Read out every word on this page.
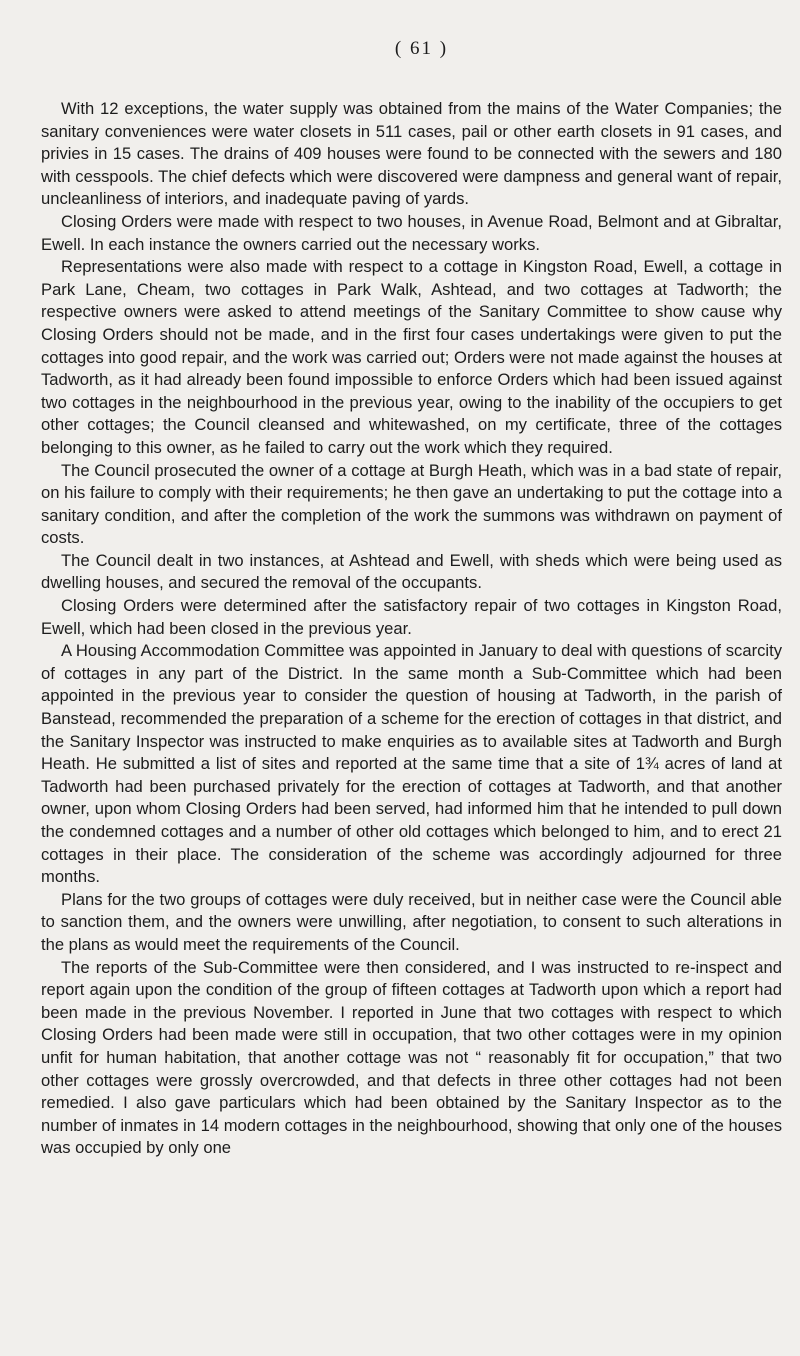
( 61 )

With 12 exceptions, the water supply was obtained from the mains of the Water Companies; the sanitary conveniences were water closets in 511 cases, pail or other earth closets in 91 cases, and privies in 15 cases. The drains of 409 houses were found to be connected with the sewers and 180 with cesspools. The chief defects which were discovered were dampness and general want of repair, uncleanliness of interiors, and inadequate paving of yards.

Closing Orders were made with respect to two houses, in Avenue Road, Belmont and at Gibraltar, Ewell. In each instance the owners carried out the necessary works.

Representations were also made with respect to a cottage in Kingston Road, Ewell, a cottage in Park Lane, Cheam, two cottages in Park Walk, Ashtead, and two cottages at Tadworth; the respective owners were asked to attend meetings of the Sanitary Committee to show cause why Closing Orders should not be made, and in the first four cases undertakings were given to put the cottages into good repair, and the work was carried out; Orders were not made against the houses at Tadworth, as it had already been found impossible to enforce Orders which had been issued against two cottages in the neighbourhood in the previous year, owing to the inability of the occupiers to get other cottages; the Council cleansed and whitewashed, on my certificate, three of the cottages belonging to this owner, as he failed to carry out the work which they required.

The Council prosecuted the owner of a cottage at Burgh Heath, which was in a bad state of repair, on his failure to comply with their requirements; he then gave an undertaking to put the cottage into a sanitary condition, and after the completion of the work the summons was withdrawn on payment of costs.

The Council dealt in two instances, at Ashtead and Ewell, with sheds which were being used as dwelling houses, and secured the removal of the occupants.

Closing Orders were determined after the satisfactory repair of two cottages in Kingston Road, Ewell, which had been closed in the previous year.

A Housing Accommodation Committee was appointed in January to deal with questions of scarcity of cottages in any part of the District. In the same month a Sub-Committee which had been appointed in the previous year to consider the question of housing at Tadworth, in the parish of Banstead, recommended the preparation of a scheme for the erection of cottages in that district, and the Sanitary Inspector was instructed to make enquiries as to available sites at Tadworth and Burgh Heath. He submitted a list of sites and reported at the same time that a site of 1¾ acres of land at Tadworth had been purchased privately for the erection of cottages at Tadworth, and that another owner, upon whom Closing Orders had been served, had informed him that he intended to pull down the condemned cottages and a number of other old cottages which belonged to him, and to erect 21 cottages in their place. The consideration of the scheme was accordingly adjourned for three months.

Plans for the two groups of cottages were duly received, but in neither case were the Council able to sanction them, and the owners were unwilling, after negotiation, to consent to such alterations in the plans as would meet the requirements of the Council.

The reports of the Sub-Committee were then considered, and I was instructed to re-inspect and report again upon the condition of the group of fifteen cottages at Tadworth upon which a report had been made in the previous November. I reported in June that two cottages with respect to which Closing Orders had been made were still in occupation, that two other cottages were in my opinion unfit for human habitation, that another cottage was not “ reasonably fit for occupation,” that two other cottages were grossly overcrowded, and that defects in three other cottages had not been remedied. I also gave particulars which had been obtained by the Sanitary Inspector as to the number of inmates in 14 modern cottages in the neighbourhood, showing that only one of the houses was occupied by only one
